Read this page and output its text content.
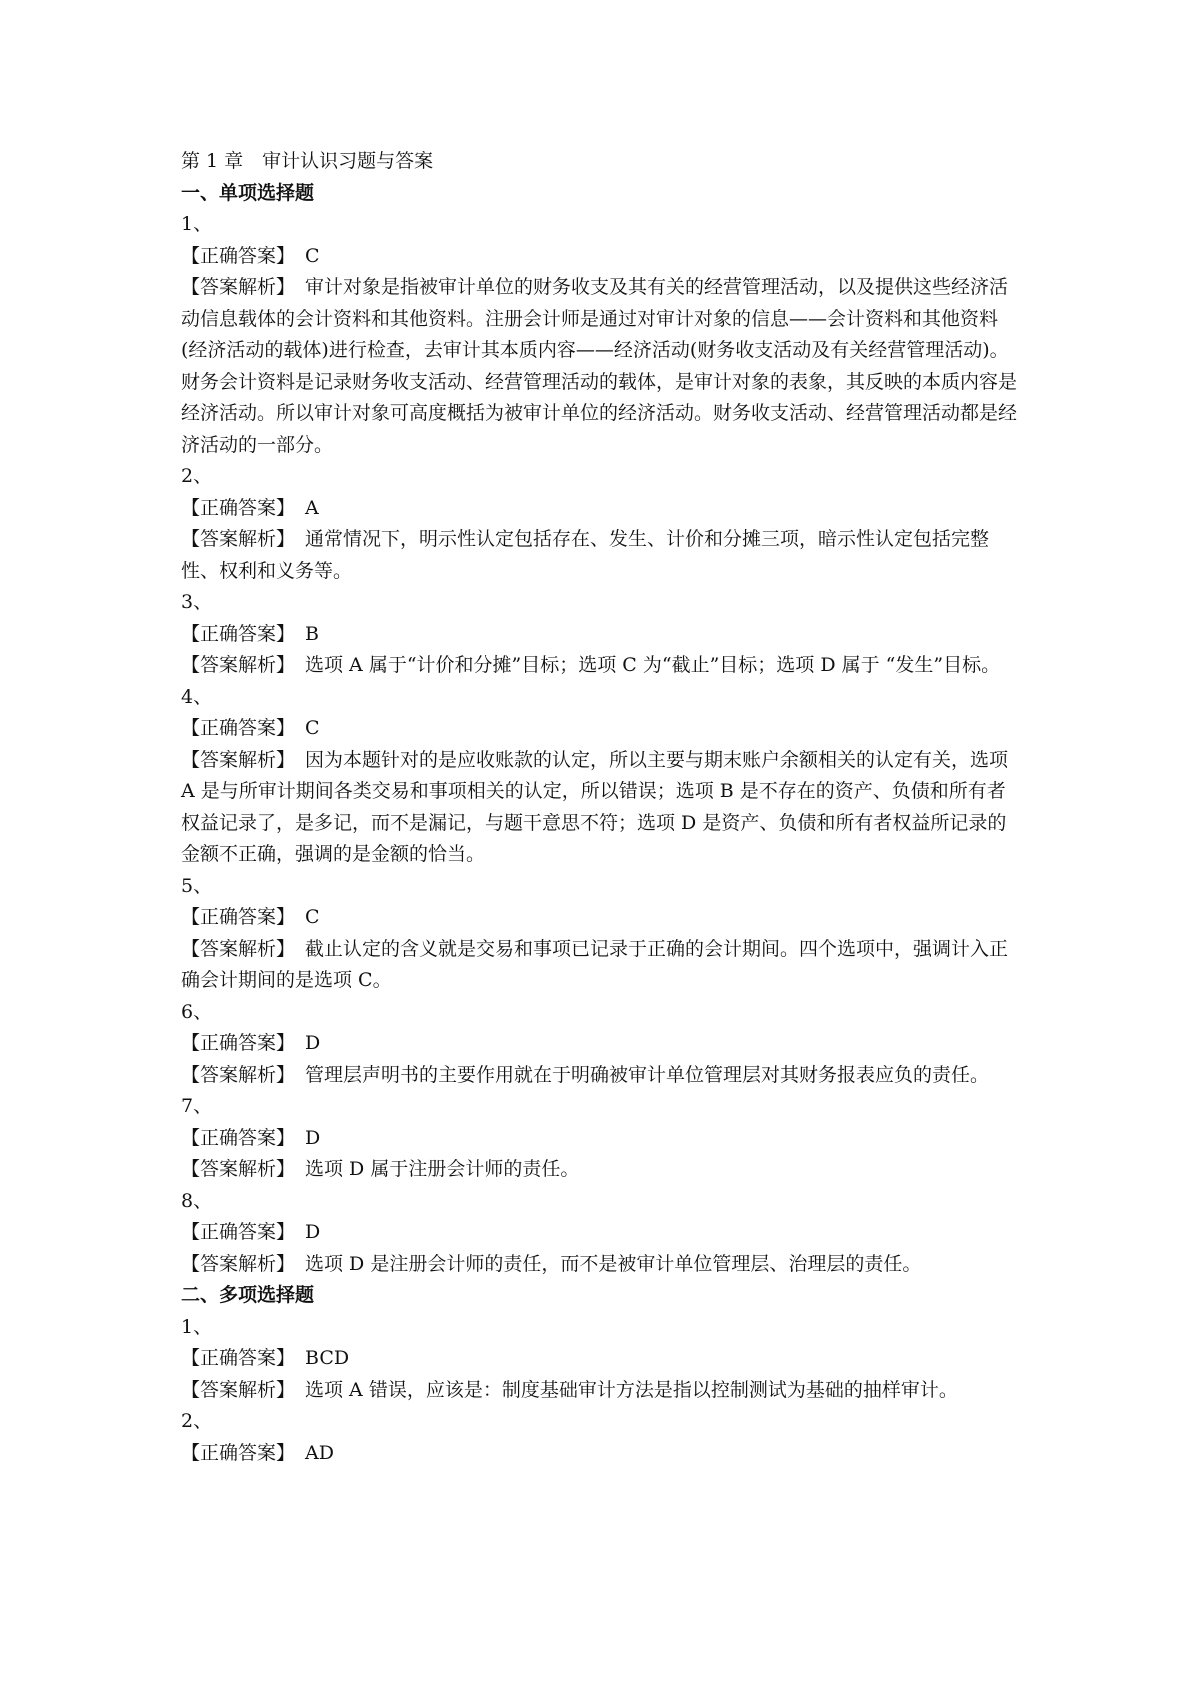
第 1 章　审计认识习题与答案
一、单项选择题
1、
【正确答案】 C
【答案解析】 审计对象是指被审计单位的财务收支及其有关的经营管理活动，以及提供这些经济活动信息载体的会计资料和其他资料。注册会计师是通过对审计对象的信息——会计资料和其他资料(经济活动的载体)进行检查，去审计其本质内容——经济活动(财务收支活动及有关经营管理活动)。财务会计资料是记录财务收支活动、经营管理活动的载体，是审计对象的表象，其反映的本质内容是经济活动。所以审计对象可高度概括为被审计单位的经济活动。财务收支活动、经营管理活动都是经济活动的一部分。
2、
【正确答案】 A
【答案解析】 通常情况下，明示性认定包括存在、发生、计价和分摊三项，暗示性认定包括完整性、权利和义务等。
3、
【正确答案】 B
【答案解析】 选项 A 属于“计价和分摊”目标；选项 C 为“截止”目标；选项 D 属于 “发生”目标。
4、
【正确答案】 C
【答案解析】 因为本题针对的是应收账款的认定，所以主要与期末账户余额相关的认定有关，选项 A 是与所审计期间各类交易和事项相关的认定，所以错误；选项 B 是不存在的资产、负债和所有者权益记录了，是多记，而不是漏记，与题干意思不符；选项 D 是资产、负债和所有者权益所记录的金额不正确，强调的是金额的恰当。
5、
【正确答案】 C
【答案解析】 截止认定的含义就是交易和事项已记录于正确的会计期间。四个选项中，强调计入正确会计期间的是选项 C。
6、
【正确答案】 D
【答案解析】 管理层声明书的主要作用就在于明确被审计单位管理层对其财务报表应负的责任。
7、
【正确答案】 D
【答案解析】 选项 D 属于注册会计师的责任。
8、
【正确答案】 D
【答案解析】 选项 D 是注册会计师的责任，而不是被审计单位管理层、治理层的责任。
二、多项选择题
1、
【正确答案】 BCD
【答案解析】 选项 A 错误，应该是：制度基础审计方法是指以控制测试为基础的抽样审计。
2、
【正确答案】 AD
